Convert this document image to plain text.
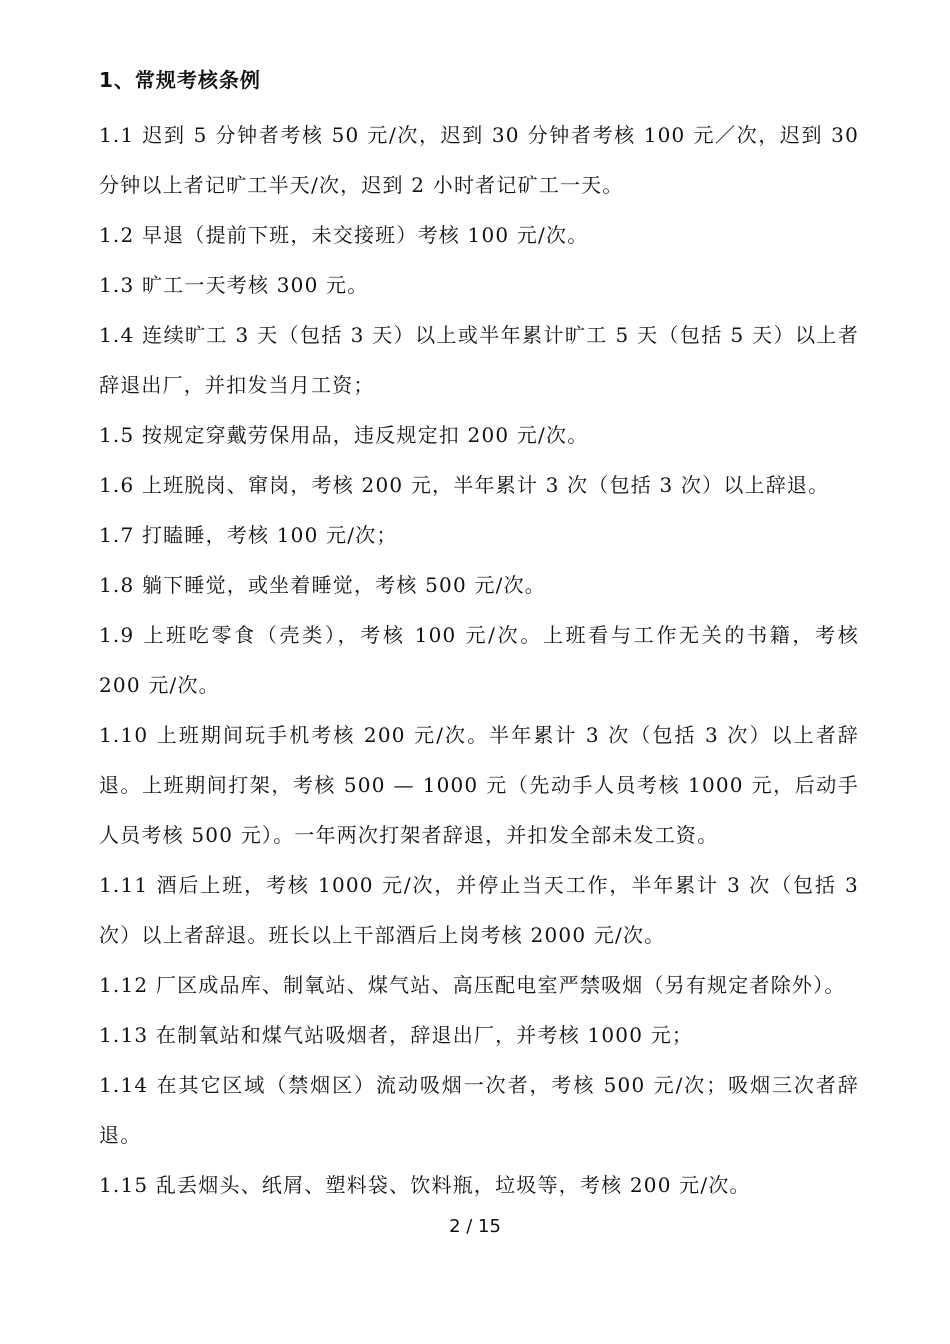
1、常规考核条例

1.1 迟到 5 分钟者考核 50 元/次，迟到 30 分钟者考核 100 元／次，迟到 30 分钟以上者记旷工半天/次，迟到 2 小时者记矿工一天。

1.2 早退（提前下班，未交接班）考核 100 元/次。

1.3 旷工一天考核 300 元。

1.4 连续旷工 3 天（包括 3 天）以上或半年累计旷工 5 天（包括 5 天）以上者辞退出厂，并扣发当月工资；

1.5 按规定穿戴劳保用品，违反规定扣 200 元/次。

1.6 上班脱岗、窜岗，考核 200 元，半年累计 3 次（包括 3 次）以上辞退。

1.7 打瞌睡，考核 100 元/次；

1.8 躺下睡觉，或坐着睡觉，考核 500 元/次。

1.9 上班吃零食（壳类），考核 100 元/次。上班看与工作无关的书籍，考核 200 元/次。

1.10 上班期间玩手机考核 200 元/次。半年累计 3 次（包括 3 次）以上者辞退。上班期间打架，考核 500 — 1000 元（先动手人员考核 1000 元，后动手人员考核 500 元）。一年两次打架者辞退，并扣发全部未发工资。

1.11 酒后上班，考核 1000 元/次，并停止当天工作，半年累计 3 次（包括 3 次）以上者辞退。班长以上干部酒后上岗考核 2000 元/次。

1.12 厂区成品库、制氧站、煤气站、高压配电室严禁吸烟（另有规定者除外）。

1.13 在制氧站和煤气站吸烟者，辞退出厂，并考核 1000 元；

1.14 在其它区域（禁烟区）流动吸烟一次者，考核 500 元/次；吸烟三次者辞退。

1.15 乱丢烟头、纸屑、塑料袋、饮料瓶，垃圾等，考核 200 元/次。

2 / 15
